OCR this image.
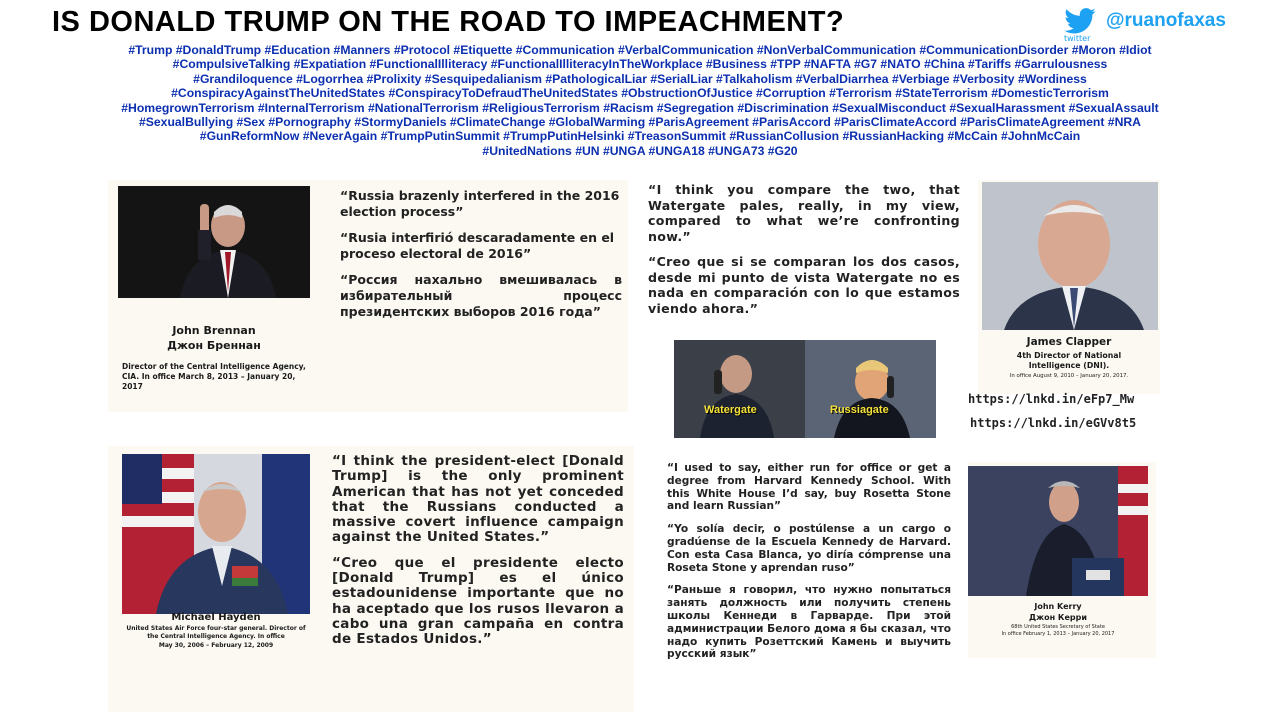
IS DONALD TRUMP ON THE ROAD TO IMPEACHMENT?
twitter
@ruanofaxas
#Trump #DonaldTrump #Education #Manners #Protocol #Etiquette #Communication #VerbalCommunication #NonVerbalCommunication #CommunicationDisorder #Moron #Idiot
#CompulsiveTalking #Expatiation #FunctionalIlliteracy #FunctionalIlliteracyInTheWorkplace #Business #TPP #NAFTA #G7 #NATO #China #Tariffs #Garrulousness
#Grandiloquence #Logorrhea #Prolixity #Sesquipedalianism #PathologicalLiar #SerialLiar #Talkaholism #VerbalDiarrhea #Verbiage #Verbosity #Wordiness
#ConspiracyAgainstTheUnitedStates #ConspiracyToDefraudTheUnitedStates #ObstructionOfJustice #Corruption #Terrorism #StateTerrorism #DomesticTerrorism
#HomegrownTerrorism #InternalTerrorism #NationalTerrorism #ReligiousTerrorism #Racism #Segregation #Discrimination #SexualMisconduct #SexualHarassment #SexualAssault
#SexualBullying #Sex #Pornography #StormyDaniels #ClimateChange #GlobalWarming #ParisAgreement #ParisAccord #ParisClimateAccord #ParisClimateAgreement #NRA
#GunReformNow #NeverAgain #TrumpPutinSummit #TrumpPutinHelsinki #TreasonSummit #RussianCollusion #RussianHacking #McCain #JohnMcCain
#UnitedNations #UN #UNGA #UNGA18 #UNGA73 #G20
John Brennan
Джон Бреннан
Director of the Central Intelligence Agency, CIA. In office March 8, 2013 – January 20, 2017

“Russia brazenly interfered in the 2016 election process”

“Rusia interfirió descaradamente en el proceso electoral de 2016”

“Россия нахально вмешивалась в избирательный процесс президентских выборов 2016 года”

“I think you compare the two, that Watergate pales, really, in my view, compared to what we’re confronting now.”

“Creo que si se comparan los dos casos, desde mi punto de vista Watergate no es nada en comparación con lo que estamos viendo ahora.”

Watergate	Russiagate
James Clapper
4th Director of National Intelligence (DNI).
In office August 9, 2010 – January 20, 2017.
https://lnkd.in/eFp7_Mw
https://lnkd.in/eGVv8t5
Michael Hayden
United States Air Force four-star general. Director of the Central Intelligence Agency. In office
May 30, 2006 – February 12, 2009

“I think the president-elect [Donald Trump] is the only prominent American that has not yet conceded that the Russians conducted a massive covert influence campaign against the United States.”

“Creo que el presidente electo [Donald Trump] es el único estadounidense importante que no ha aceptado que los rusos llevaron a cabo una gran campaña en contra de Estados Unidos.”

“I used to say, either run for office or get a degree from Harvard Kennedy School. With this White House I’d say, buy Rosetta Stone and learn Russian”

“Yo solía decir, o postúlense a un cargo o gradúense de la Escuela Kennedy de Harvard. Con esta Casa Blanca, yo diría cómprense una Roseta Stone y aprendan ruso”

“Раньше я говорил, что нужно попытаться занять должность или получить степень школы Кеннеди в Гарварде. При этой администрации Белого дома я бы сказал, что надо купить Розеттский Камень и выучить русский язык”

John Kerry
Джон Керри
68th United States Secretary of State
In office February 1, 2013 – January 20, 2017
